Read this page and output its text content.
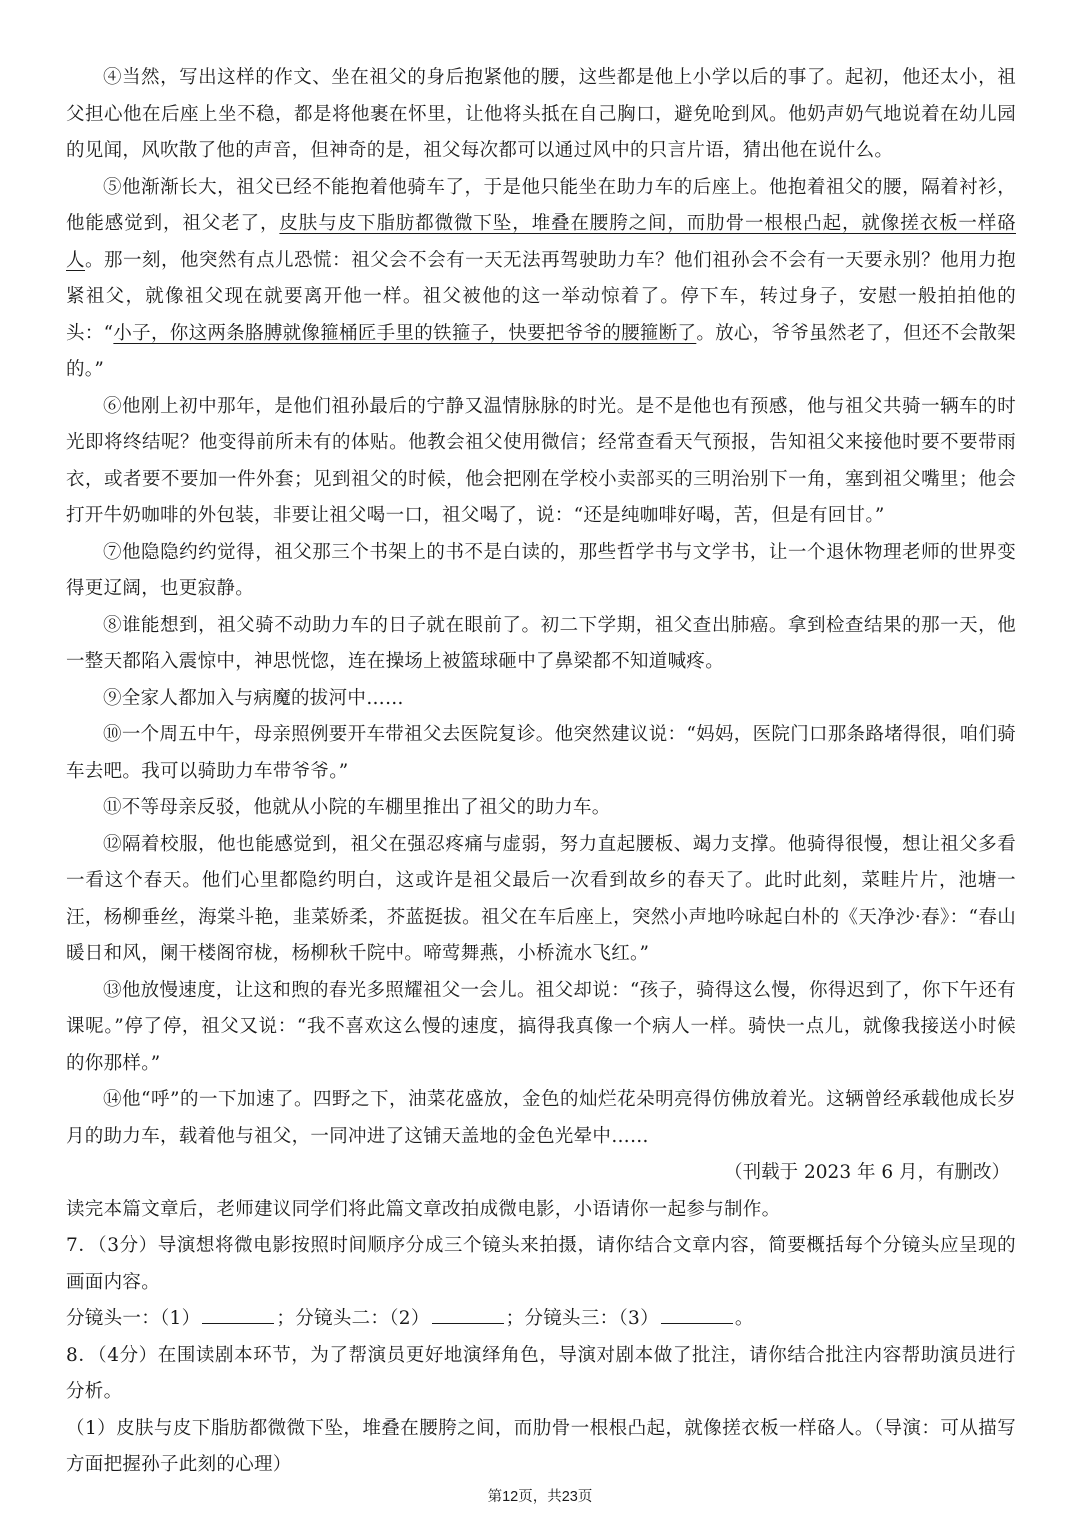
④当然，写出这样的作文、坐在祖父的身后抱紧他的腰，这些都是他上小学以后的事了。起初，他还太小，祖父担心他在后座上坐不稳，都是将他裹在怀里，让他将头抵在自己胸口，避免呛到风。他奶声奶气地说着在幼儿园的见闻，风吹散了他的声音，但神奇的是，祖父每次都可以通过风中的只言片语，猜出他在说什么。

⑤他渐渐长大，祖父已经不能抱着他骑车了，于是他只能坐在助力车的后座上。他抱着祖父的腰，隔着衬衫，他能感觉到，祖父老了，皮肤与皮下脂肪都微微下坠，堆叠在腰胯之间，而肋骨一根根凸起，就像搓衣板一样硌人。那一刻，他突然有点儿恐慌：祖父会不会有一天无法再驾驶助力车？他们祖孙会不会有一天要永别？他用力抱紧祖父，就像祖父现在就要离开他一样。祖父被他的这一举动惊着了。停下车，转过身子，安慰一般拍拍他的头：“小子，你这两条胳膊就像箍桶匠手里的铁箍子，快要把爷爷的腰箍断了。放心，爷爷虽然老了，但还不会散架的。”

⑥他刚上初中那年，是他们祖孙最后的宁静又温情脉脉的时光。是不是他也有预感，他与祖父共骑一辆车的时光即将终结呢？他变得前所未有的体贴。他教会祖父使用微信；经常查看天气预报，告知祖父来接他时要不要带雨衣，或者要不要加一件外套；见到祖父的时候，他会把刚在学校小卖部买的三明治别下一角，塞到祖父嘴里；他会打开牛奶咖啡的外包装，非要让祖父喝一口，祖父喝了，说：“还是纯咖啡好喝，苦，但是有回甘。”

⑦他隐隐约约觉得，祖父那三个书架上的书不是白读的，那些哲学书与文学书，让一个退休物理老师的世界变得更辽阔，也更寂静。

⑧谁能想到，祖父骑不动助力车的日子就在眼前了。初二下学期，祖父查出肺癌。拿到检查结果的那一天，他一整天都陷入震惊中，神思恍惚，连在操场上被篮球砸中了鼻梁都不知道喊疼。

⑨全家人都加入与病魔的拔河中……

⑩一个周五中午，母亲照例要开车带祖父去医院复诊。他突然建议说：“妈妈，医院门口那条路堵得很，咱们骑车去吧。我可以骑助力车带爷爷。”

⑪不等母亲反驳，他就从小院的车棚里推出了祖父的助力车。

⑫隔着校服，他也能感觉到，祖父在强忍疼痛与虚弱，努力直起腰板、竭力支撑。他骑得很慢，想让祖父多看一看这个春天。他们心里都隐约明白，这或许是祖父最后一次看到故乡的春天了。此时此刻，菜畦片片，池塘一汪，杨柳垂丝，海棠斗艳，韭菜娇柔，芥蓝挺拔。祖父在车后座上，突然小声地吟咏起白朴的《天净沙·春》：“春山暖日和风，阑干楼阁帘栊，杨柳秋千院中。啼莺舞燕，小桥流水飞红。”

⑬他放慢速度，让这和煦的春光多照耀祖父一会儿。祖父却说：“孩子，骑得这么慢，你得迟到了，你下午还有课呢。”停了停，祖父又说：“我不喜欢这么慢的速度，搞得我真像一个病人一样。骑快一点儿，就像我接送小时候的你那样。”

⑭他“呼”的一下加速了。四野之下，油菜花盛放，金色的灿烂花朵明亮得仿佛放着光。这辆曾经承载他成长岁月的助力车，载着他与祖父，一同冲进了这铺天盖地的金色光晕中……

（刊载于 2023 年 6 月，有删改）

读完本篇文章后，老师建议同学们将此篇文章改拍成微电影，小语请你一起参与制作。

7．（3分）导演想将微电影按照时间顺序分成三个镜头来拍摄，请你结合文章内容，简要概括每个分镜头应呈现的画面内容。

分镜头一：（1）	；分镜头二：（2）	；分镜头三：（3）	。

8．（4分）在围读剧本环节，为了帮演员更好地演绎角色，导演对剧本做了批注，请你结合批注内容帮助演员进行分析。

（1）皮肤与皮下脂肪都微微下坠，堆叠在腰胯之间，而肋骨一根根凸起，就像搓衣板一样硌人。（导演：可从描写方面把握孙子此刻的心理）

第12页，共23页
